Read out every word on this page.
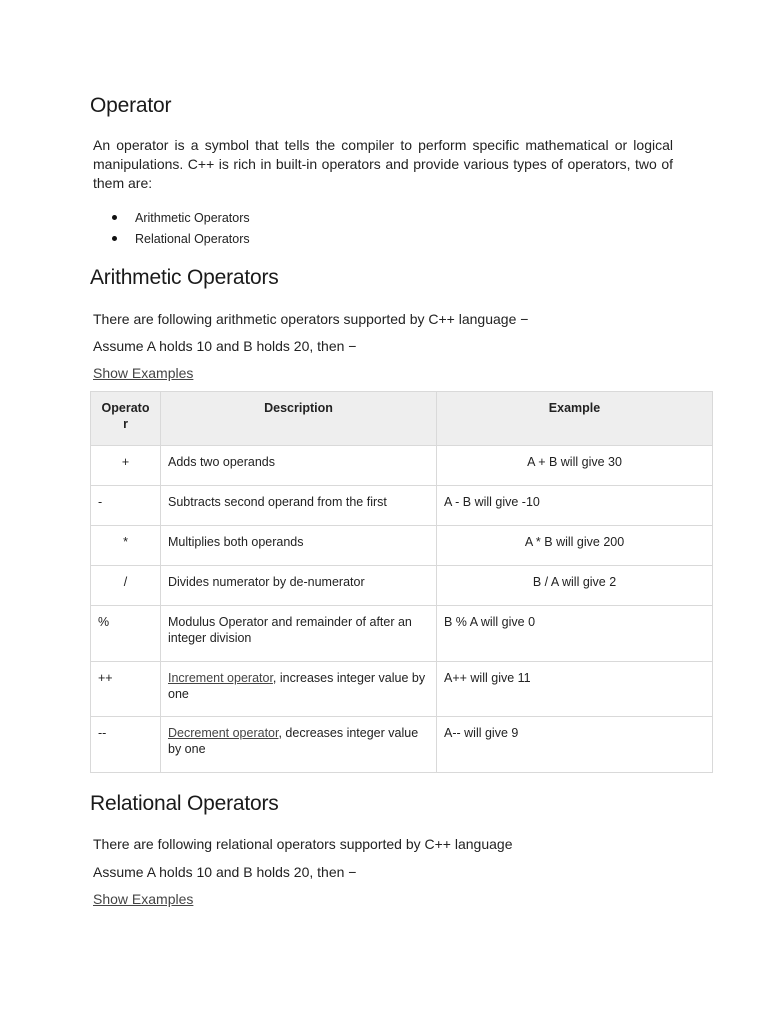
Operator

An operator is a symbol that tells the compiler to perform specific mathematical or logical manipulations. C++ is rich in built-in operators and provide various types of operators, two of them are:

Arithmetic Operators
Relational Operators
Arithmetic Operators

There are following arithmetic operators supported by C++ language −

Assume A holds 10 and B holds 20, then −

Show Examples
Operato r	Description	Example
+	Adds two operands	A + B will give 30
-	Subtracts second operand from the first	A - B will give -10
*	Multiplies both operands	A * B will give 200
/	Divides numerator by de-numerator	B / A will give 2
%	Modulus Operator and remainder of after an integer division	B % A will give 0
++	Increment operator, increases integer value by one	A++ will give 11
--	Decrement operator, decreases integer value by one	A-- will give 9
Relational Operators

There are following relational operators supported by C++ language

Assume A holds 10 and B holds 20, then −

Show Examples
